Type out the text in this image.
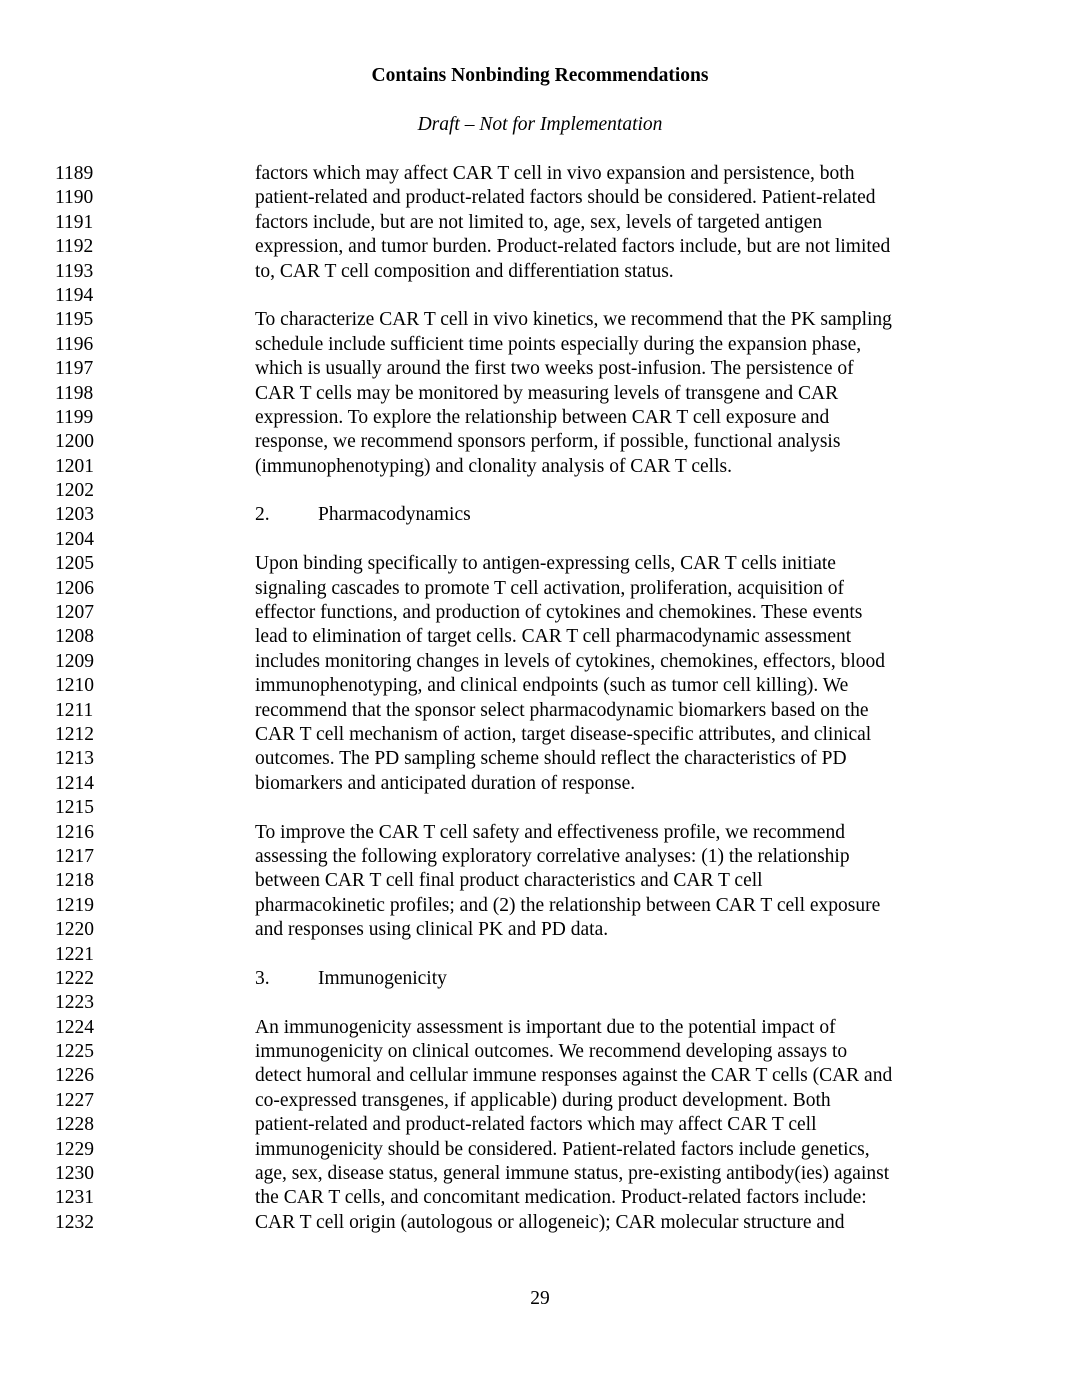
Contains Nonbinding Recommendations
Draft – Not for Implementation
1189	factors which may affect CAR T cell in vivo expansion and persistence, both
1190	patient-related and product-related factors should be considered. Patient-related
1191	factors include, but are not limited to, age, sex, levels of targeted antigen
1192	expression, and tumor burden. Product-related factors include, but are not limited
1193	to, CAR T cell composition and differentiation status.
1194
1195	To characterize CAR T cell in vivo kinetics, we recommend that the PK sampling
1196	schedule include sufficient time points especially during the expansion phase,
1197	which is usually around the first two weeks post-infusion. The persistence of
1198	CAR T cells may be monitored by measuring levels of transgene and CAR
1199	expression. To explore the relationship between CAR T cell exposure and
1200	response, we recommend sponsors perform, if possible, functional analysis
1201	(immunophenotyping) and clonality analysis of CAR T cells.
1202
1203	2. Pharmacodynamics
1204
1205	Upon binding specifically to antigen-expressing cells, CAR T cells initiate
1206	signaling cascades to promote T cell activation, proliferation, acquisition of
1207	effector functions, and production of cytokines and chemokines. These events
1208	lead to elimination of target cells. CAR T cell pharmacodynamic assessment
1209	includes monitoring changes in levels of cytokines, chemokines, effectors, blood
1210	immunophenotyping, and clinical endpoints (such as tumor cell killing). We
1211	recommend that the sponsor select pharmacodynamic biomarkers based on the
1212	CAR T cell mechanism of action, target disease-specific attributes, and clinical
1213	outcomes. The PD sampling scheme should reflect the characteristics of PD
1214	biomarkers and anticipated duration of response.
1215
1216	To improve the CAR T cell safety and effectiveness profile, we recommend
1217	assessing the following exploratory correlative analyses: (1) the relationship
1218	between CAR T cell final product characteristics and CAR T cell
1219	pharmacokinetic profiles; and (2) the relationship between CAR T cell exposure
1220	and responses using clinical PK and PD data.
1221
1222	3. Immunogenicity
1223
1224	An immunogenicity assessment is important due to the potential impact of
1225	immunogenicity on clinical outcomes. We recommend developing assays to
1226	detect humoral and cellular immune responses against the CAR T cells (CAR and
1227	co-expressed transgenes, if applicable) during product development. Both
1228	patient-related and product-related factors which may affect CAR T cell
1229	immunogenicity should be considered. Patient-related factors include genetics,
1230	age, sex, disease status, general immune status, pre-existing antibody(ies) against
1231	the CAR T cells, and concomitant medication. Product-related factors include:
1232	CAR T cell origin (autologous or allogeneic); CAR molecular structure and
29
